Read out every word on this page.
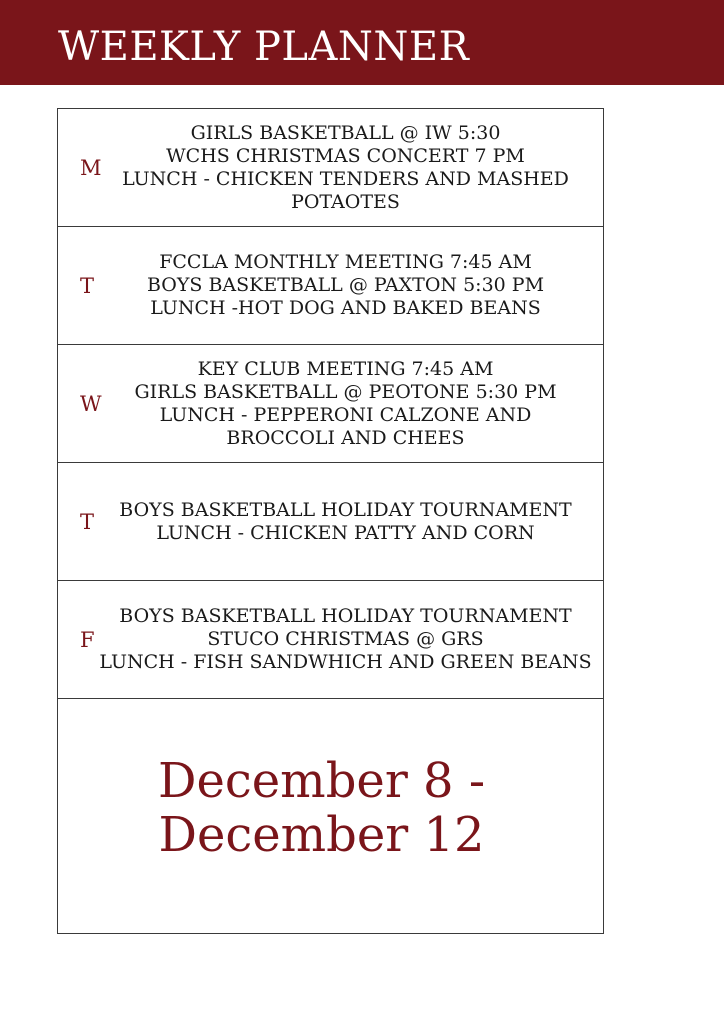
WEEKLY PLANNER
M
GIRLS BASKETBALL @ IW 5:30
WCHS CHRISTMAS CONCERT 7 PM
LUNCH - CHICKEN TENDERS AND MASHED
POTAOTES
T
FCCLA MONTHLY MEETING 7:45 AM
BOYS BASKETBALL @ PAXTON 5:30 PM
LUNCH -HOT DOG AND BAKED BEANS
W
KEY CLUB MEETING 7:45 AM
GIRLS BASKETBALL @ PEOTONE 5:30 PM
LUNCH - PEPPERONI CALZONE AND
BROCCOLI AND CHEES
T BOYS BASKETBALL HOLIDAY TOURNAMENT
LUNCH - CHICKEN PATTY AND CORN
F
BOYS BASKETBALL HOLIDAY TOURNAMENT
STUCO CHRISTMAS @ GRS
LUNCH - FISH SANDWHICH AND GREEN BEANS
December 8 -
December 12
